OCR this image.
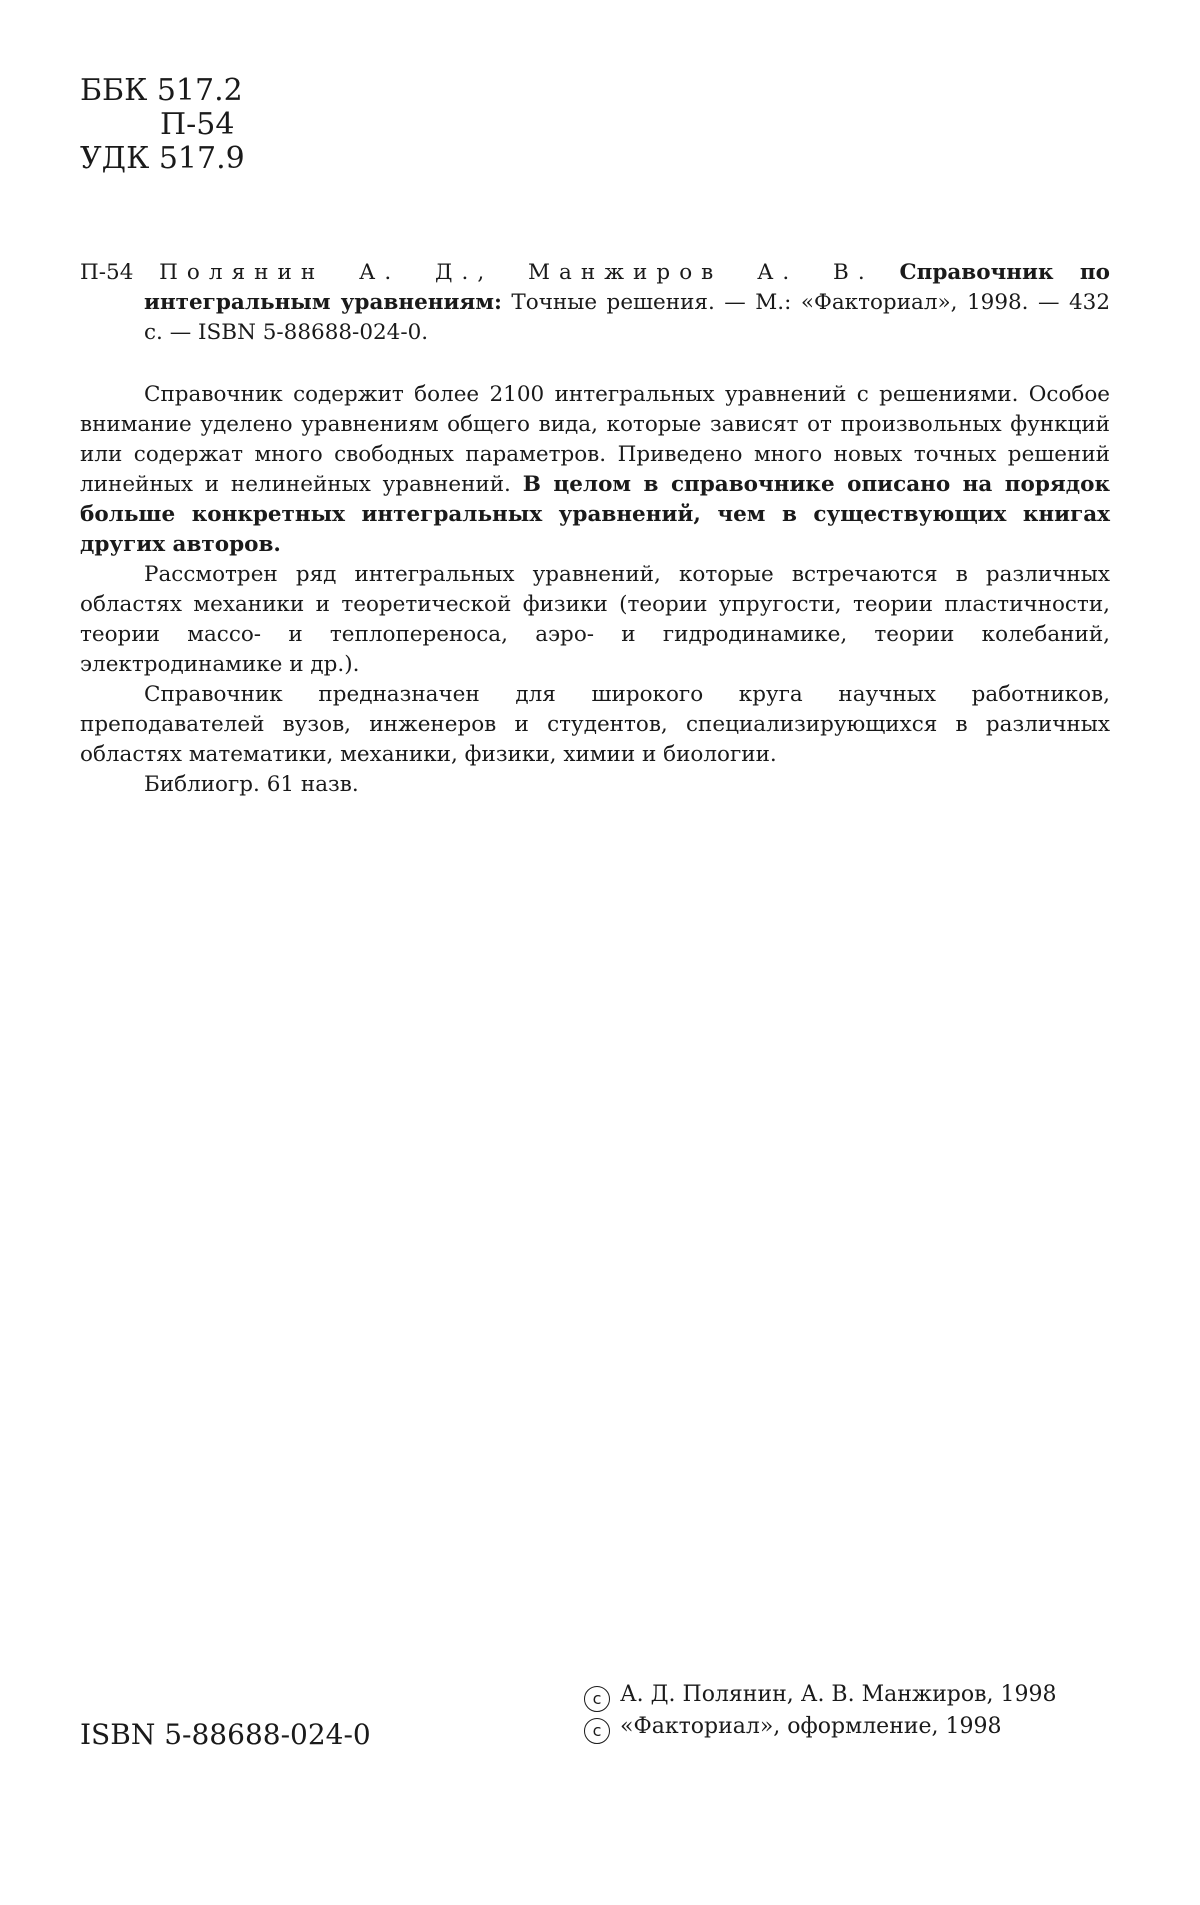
ББК 517.2
П-54
УДК 517.9

П-54 Полянин А. Д., Манжиров А. В. Справочник по интегральным уравнениям: Точные решения. — М.: «Факториал», 1998. — 432 с. — ISBN 5-88688-024-0.

Справочник содержит более 2100 интегральных уравнений с решениями. Особое внимание уделено уравнениям общего вида, которые зависят от произвольных функций или содержат много свободных параметров. Приведено много новых точных решений линейных и нелинейных уравнений. В целом в справочнике описано на порядок больше конкретных интегральных уравнений, чем в существующих книгах других авторов.

Рассмотрен ряд интегральных уравнений, которые встречаются в различных областях механики и теоретической физики (теории упругости, теории пластичности, теории массо- и теплопереноса, аэро- и гидродинамике, теории колебаний, электродинамике и др.).

Справочник предназначен для широкого круга научных работников, преподавателей вузов, инженеров и студентов, специализирующихся в различных областях математики, механики, физики, химии и биологии.

Библиогр. 61 назв.

ISBN 5-88688-024-0
c А. Д. Полянин, А. В. Манжиров, 1998
c «Факториал», оформление, 1998
